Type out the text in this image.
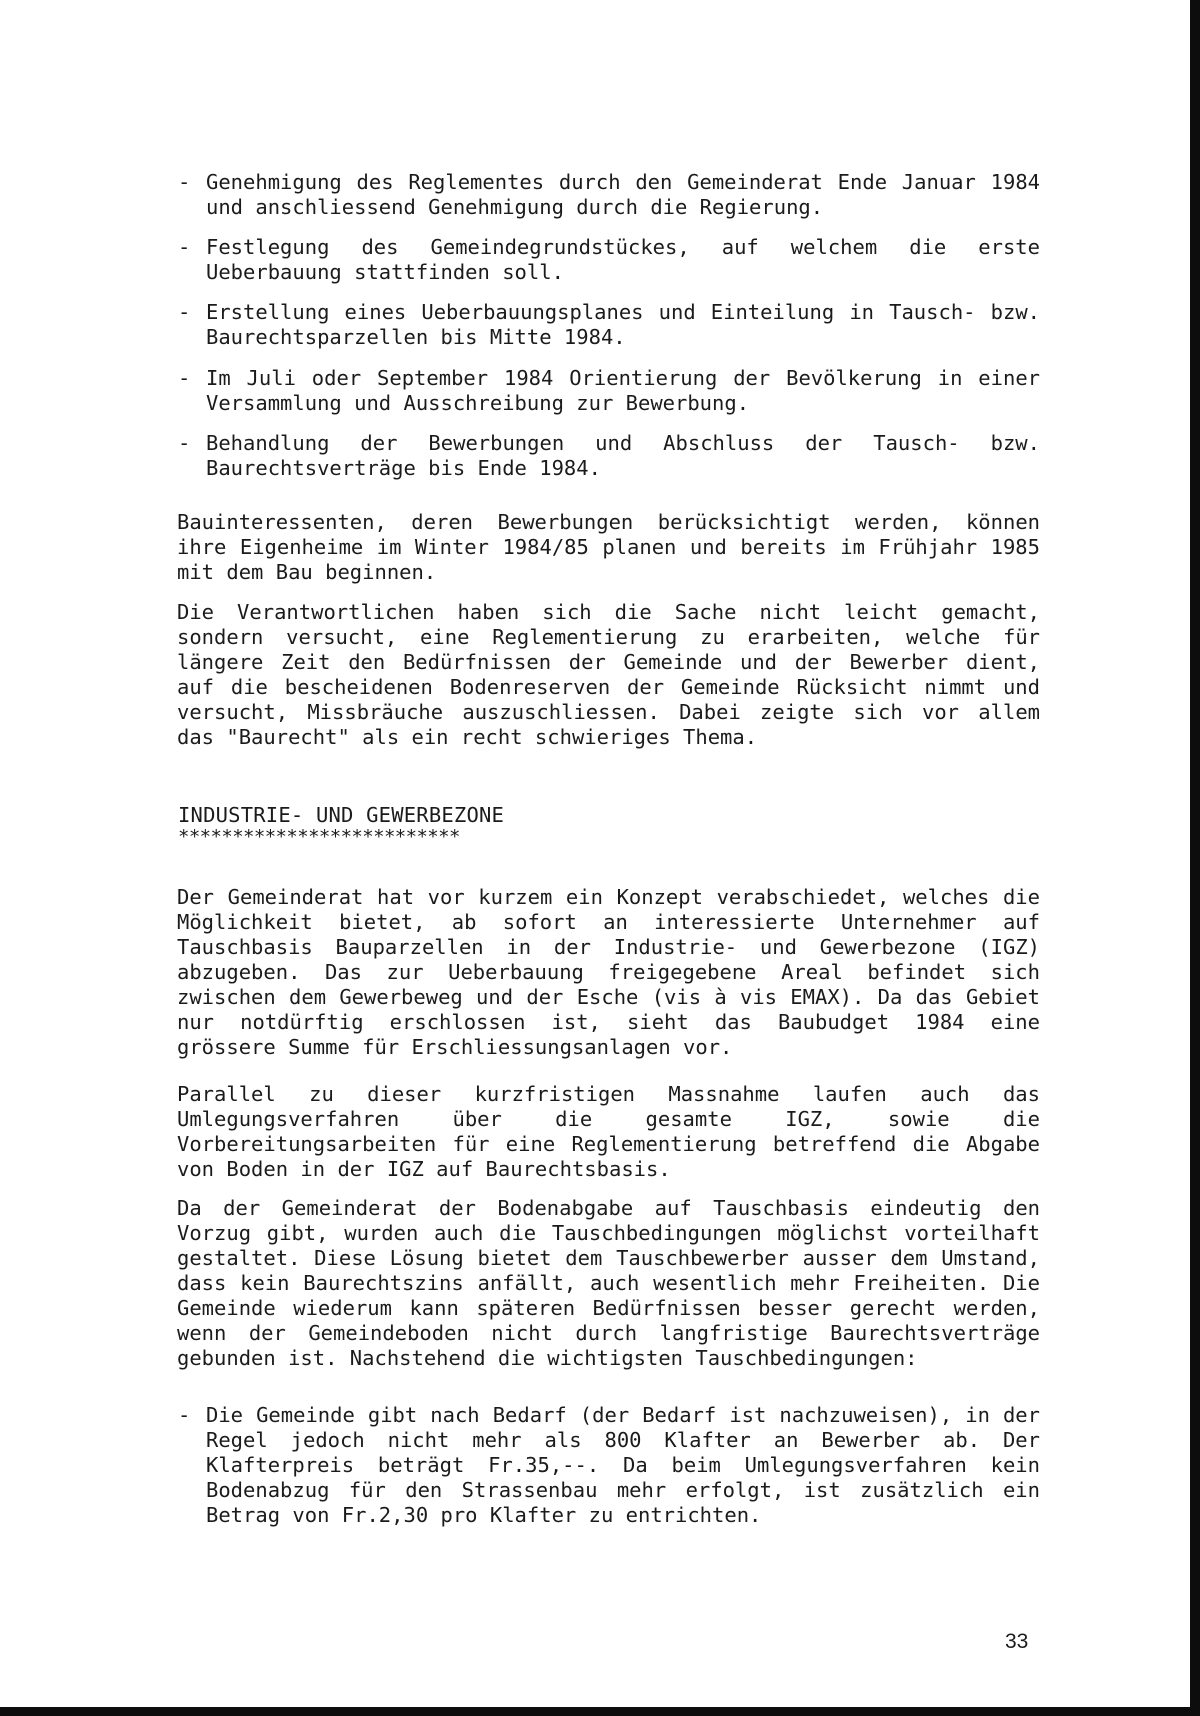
- Genehmigung des Reglementes durch den Gemeinderat Ende Januar 1984 und anschliessend Genehmigung durch die Regierung.
- Festlegung des Gemeindegrundstückes, auf welchem die erste Ueberbauung stattfinden soll.
- Erstellung eines Ueberbauungsplanes und Einteilung in Tausch- bzw. Baurechtsparzellen bis Mitte 1984.
- Im Juli oder September 1984 Orientierung der Bevölkerung in einer Versammlung und Ausschreibung zur Bewerbung.
- Behandlung der Bewerbungen und Abschluss der Tausch- bzw. Baurechtsverträge bis Ende 1984.
Bauinteressenten, deren Bewerbungen berücksichtigt werden, können ihre Eigenheime im Winter 1984/85 planen und bereits im Frühjahr 1985 mit dem Bau beginnen.
Die Verantwortlichen haben sich die Sache nicht leicht gemacht, sondern versucht, eine Reglementierung zu erarbeiten, welche für längere Zeit den Bedürfnissen der Gemeinde und der Bewerber dient, auf die bescheidenen Bodenreserven der Gemeinde Rücksicht nimmt und versucht, Missbräuche auszuschliessen. Dabei zeigte sich vor allem das "Baurecht" als ein recht schwieriges Thema.
INDUSTRIE- UND GEWERBEZONE
**************************
Der Gemeinderat hat vor kurzem ein Konzept verabschiedet, welches die Möglichkeit bietet, ab sofort an interessierte Unternehmer auf Tauschbasis Bauparzellen in der Industrie- und Gewerbezone (IGZ) abzugeben. Das zur Ueberbauung freigegebene Areal befindet sich zwischen dem Gewerbeweg und der Esche (vis à vis EMAX). Da das Gebiet nur notdürftig erschlossen ist, sieht das Baubudget 1984 eine grössere Summe für Erschliessungsanlagen vor.
Parallel zu dieser kurzfristigen Massnahme laufen auch das Umlegungsverfahren über die gesamte IGZ, sowie die Vorbereitungsarbeiten für eine Reglementierung betreffend die Abgabe von Boden in der IGZ auf Baurechtsbasis.
Da der Gemeinderat der Bodenabgabe auf Tauschbasis eindeutig den Vorzug gibt, wurden auch die Tauschbedingungen möglichst vorteilhaft gestaltet. Diese Lösung bietet dem Tauschbewerber ausser dem Umstand, dass kein Baurechtszins anfällt, auch wesentlich mehr Freiheiten. Die Gemeinde wiederum kann späteren Bedürfnissen besser gerecht werden, wenn der Gemeindeboden nicht durch langfristige Baurechtsverträge gebunden ist. Nachstehend die wichtigsten Tauschbedingungen:
- Die Gemeinde gibt nach Bedarf (der Bedarf ist nachzuweisen), in der Regel jedoch nicht mehr als 800 Klafter an Bewerber ab. Der Klafterpreis beträgt Fr.35,--. Da beim Umlegungsverfahren kein Bodenabzug für den Strassenbau mehr erfolgt, ist zusätzlich ein Betrag von Fr.2,30 pro Klafter zu entrichten.
33
